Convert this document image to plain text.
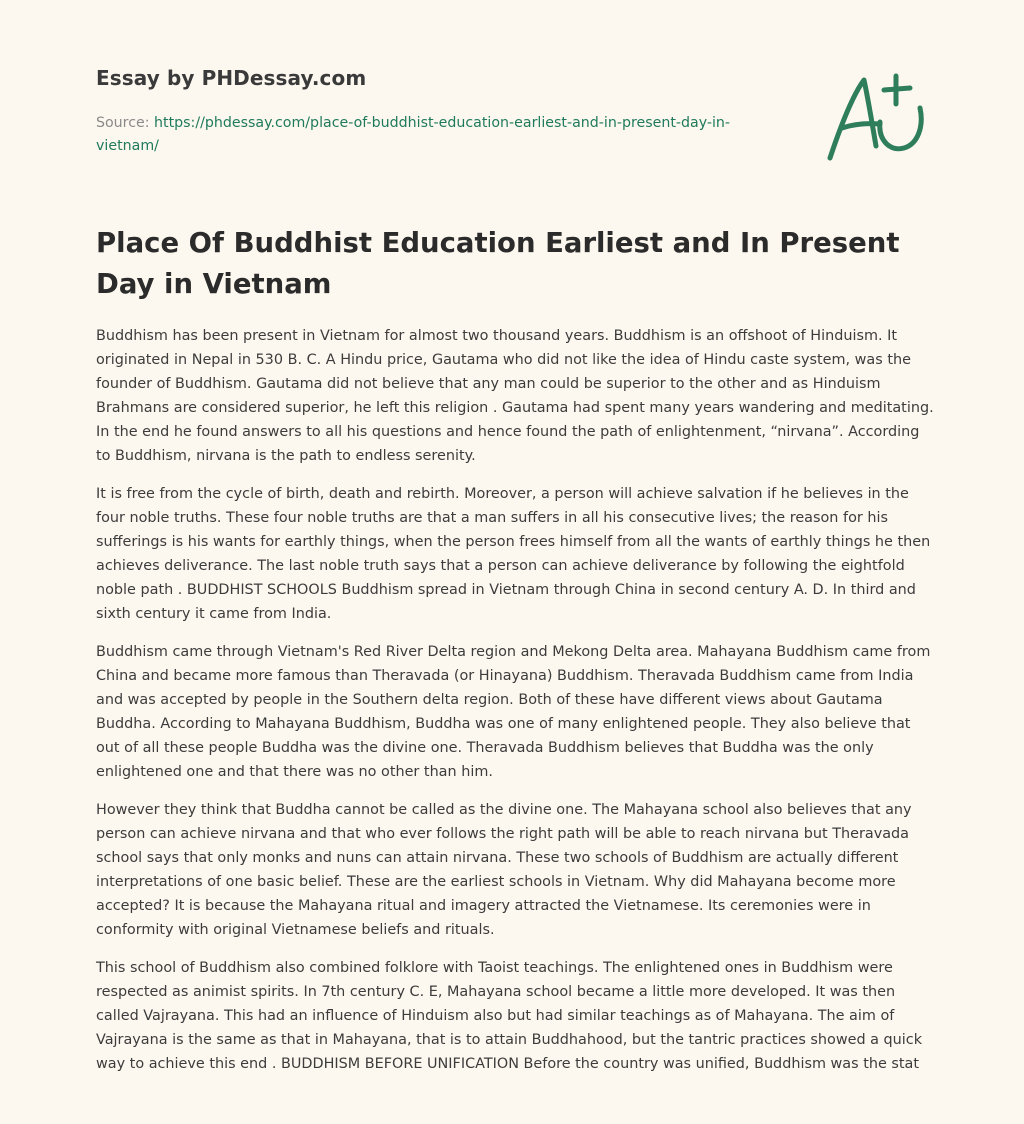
Essay by PHDessay.com
Source: https://phdessay.com/place-of-buddhist-education-earliest-and-in-present-day-in-vietnam/
Place Of Buddhist Education Earliest and In Present Day in Vietnam

Buddhism has been present in Vietnam for almost two thousand years. Buddhism is an offshoot of Hinduism. It originated in Nepal in 530 B. C. A Hindu price, Gautama who did not like the idea of Hindu caste system, was the founder of Buddhism. Gautama did not believe that any man could be superior to the other and as Hinduism Brahmans are considered superior, he left this religion . Gautama had spent many years wandering and meditating. In the end he found answers to all his questions and hence found the path of enlightenment, “nirvana”. According to Buddhism, nirvana is the path to endless serenity.

It is free from the cycle of birth, death and rebirth. Moreover, a person will achieve salvation if he believes in the four noble truths. These four noble truths are that a man suffers in all his consecutive lives; the reason for his sufferings is his wants for earthly things, when the person frees himself from all the wants of earthly things he then achieves deliverance. The last noble truth says that a person can achieve deliverance by following the eightfold noble path . BUDDHIST SCHOOLS Buddhism spread in Vietnam through China in second century A. D. In third and sixth century it came from India.

Buddhism came through Vietnam's Red River Delta region and Mekong Delta area. Mahayana Buddhism came from China and became more famous than Theravada (or Hinayana) Buddhism. Theravada Buddhism came from India and was accepted by people in the Southern delta region. Both of these have different views about Gautama Buddha. According to Mahayana Buddhism, Buddha was one of many enlightened people. They also believe that out of all these people Buddha was the divine one. Theravada Buddhism believes that Buddha was the only enlightened one and that there was no other than him.

However they think that Buddha cannot be called as the divine one. The Mahayana school also believes that any person can achieve nirvana and that who ever follows the right path will be able to reach nirvana but Theravada school says that only monks and nuns can attain nirvana. These two schools of Buddhism are actually different interpretations of one basic belief. These are the earliest schools in Vietnam. Why did Mahayana become more accepted? It is because the Mahayana ritual and imagery attracted the Vietnamese. Its ceremonies were in conformity with original Vietnamese beliefs and rituals.

This school of Buddhism also combined folklore with Taoist teachings. The enlightened ones in Buddhism were respected as animist spirits. In 7th century C. E, Mahayana school became a little more developed. It was then called Vajrayana. This had an influence of Hinduism also but had similar teachings as of Mahayana. The aim of Vajrayana is the same as that in Mahayana, that is to attain Buddhahood, but the tantric practices showed a quick way to achieve this end . BUDDHISM BEFORE UNIFICATION Before the country was unified, Buddhism was the stat
